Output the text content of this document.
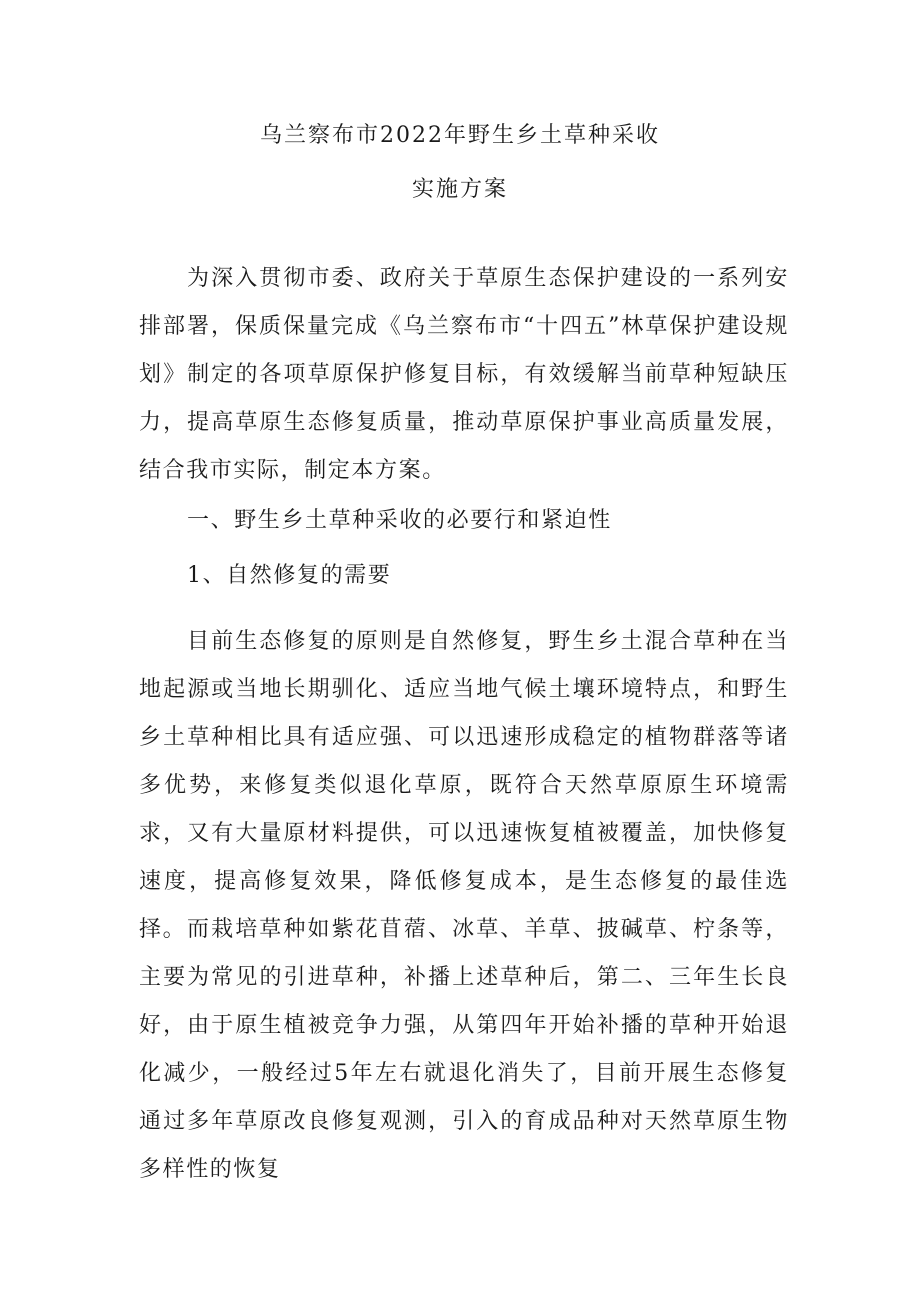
乌兰察布市2022年野生乡土草种采收
实施方案

为深入贯彻市委、政府关于草原生态保护建设的一系列安排部署，保质保量完成《乌兰察布市“十四五”林草保护建设规划》制定的各项草原保护修复目标，有效缓解当前草种短缺压力，提高草原生态修复质量，推动草原保护事业高质量发展，结合我市实际，制定本方案。

一、野生乡土草种采收的必要行和紧迫性

1、自然修复的需要

目前生态修复的原则是自然修复，野生乡土混合草种在当地起源或当地长期驯化、适应当地气候土壤环境特点，和野生乡土草种相比具有适应强、可以迅速形成稳定的植物群落等诸多优势，来修复类似退化草原，既符合天然草原原生环境需求，又有大量原材料提供，可以迅速恢复植被覆盖，加快修复速度，提高修复效果，降低修复成本，是生态修复的最佳选择。 而栽培草种如紫花苜蓿、冰草、羊草、披碱草、柠条等，主要为常见的引进草种，补播上述草种后，第二、三年生长良好，由于原生植被竞争力强，从第四年开始补播的草种开始退化减少，一般经过5年左右就退化消失了，目前开展生态修复通过多年草原改良修复观测，引入的育成品种对天然草原生物多样性的恢复
